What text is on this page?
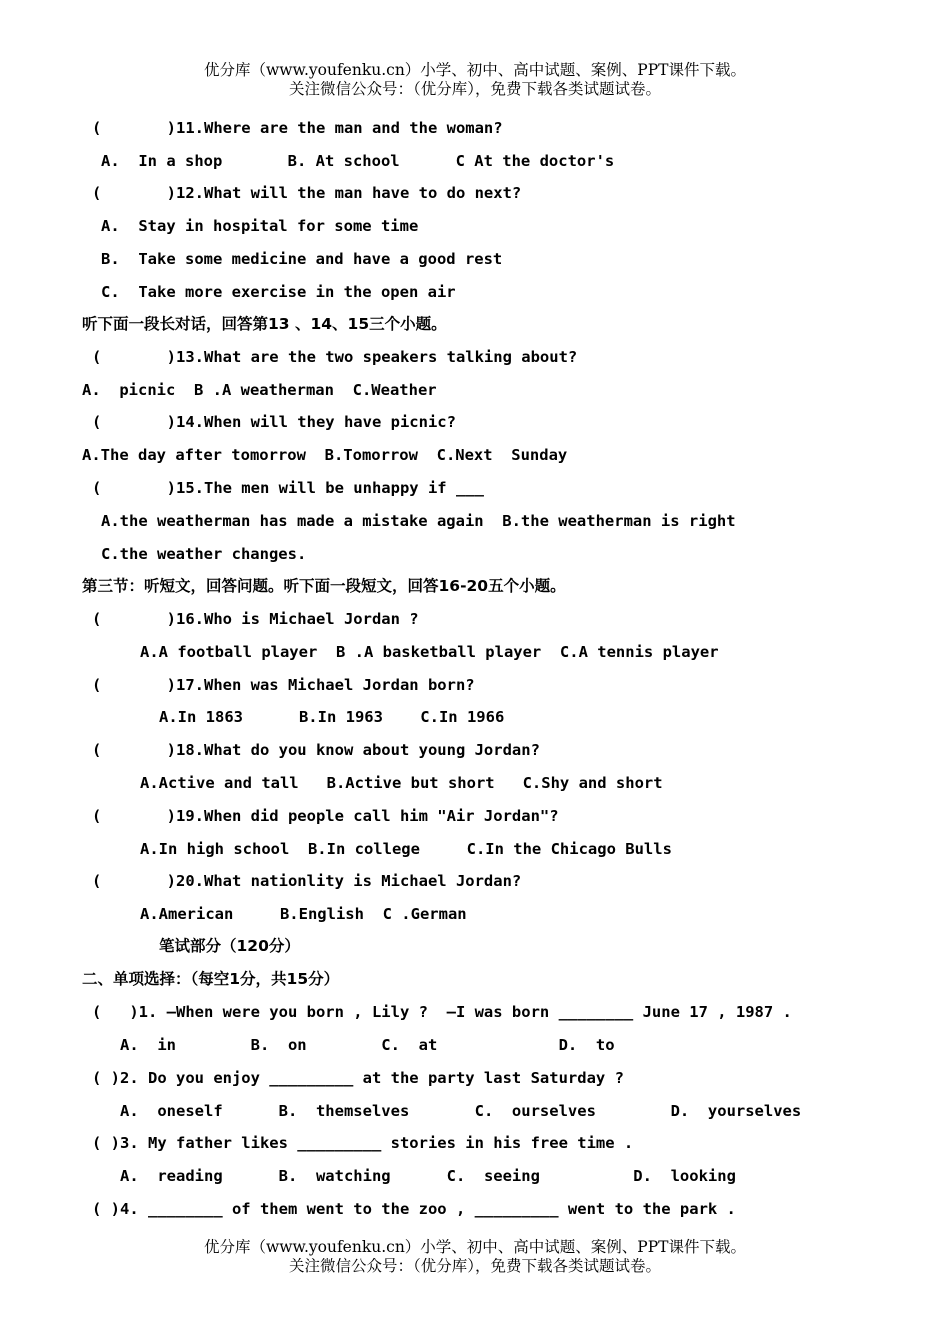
优分库（www.youfenku.cn）小学、初中、高中试题、案例、PPT课件下载。
关注微信公众号：（优分库），免费下载各类试题试卷。
(       )11.Where are the man and the woman?
A.  In a shop       B. At school      C At the doctor's
(       )12.What will the man have to do next?
A.  Stay in hospital for some time
B.  Take some medicine and have a good rest
C.  Take more exercise in the open air
听下面一段长对话，回答第13 、14、15三个小题。
(       )13.What are the two speakers talking about?
A.  picnic  B .A weatherman  C.Weather
(       )14.When will they have picnic?
A.The day after tomorrow  B.Tomorrow  C.Next  Sunday
(       )15.The men will be unhappy if ___
A.the weatherman has made a mistake again  B.the weatherman is right
C.the weather changes.
第三节：听短文，回答问题。听下面一段短文，回答16-20五个小题。
(       )16.Who is Michael Jordan ?
A.A football player  B .A basketball player  C.A tennis player
(       )17.When was Michael Jordan born?
A.In 1863      B.In 1963    C.In 1966
(       )18.What do you know about young Jordan?
A.Active and tall   B.Active but short   C.Shy and short
(       )19.When did people call him "Air Jordan"?
A.In high school  B.In college     C.In the Chicago Bulls
(       )20.What nationlity is Michael Jordan?
A.American     B.English  C .German
笔试部分（120分）
二、单项选择：（每空1分，共15分）
(   )1. —When were you born , Lily ?  —I was born ________ June 17 , 1987 .
A.  in        B.  on        C.  at             D.  to
( )2. Do you enjoy _________ at the party last Saturday ?
A.  oneself      B.  themselves       C.  ourselves        D.  yourselves
( )3. My father likes _________ stories in his free time .
A.  reading      B.  watching      C.  seeing          D.  looking
( )4. ________ of them went to the zoo , _________ went to the park .
优分库（www.youfenku.cn）小学、初中、高中试题、案例、PPT课件下载。
关注微信公众号：（优分库），免费下载各类试题试卷。
